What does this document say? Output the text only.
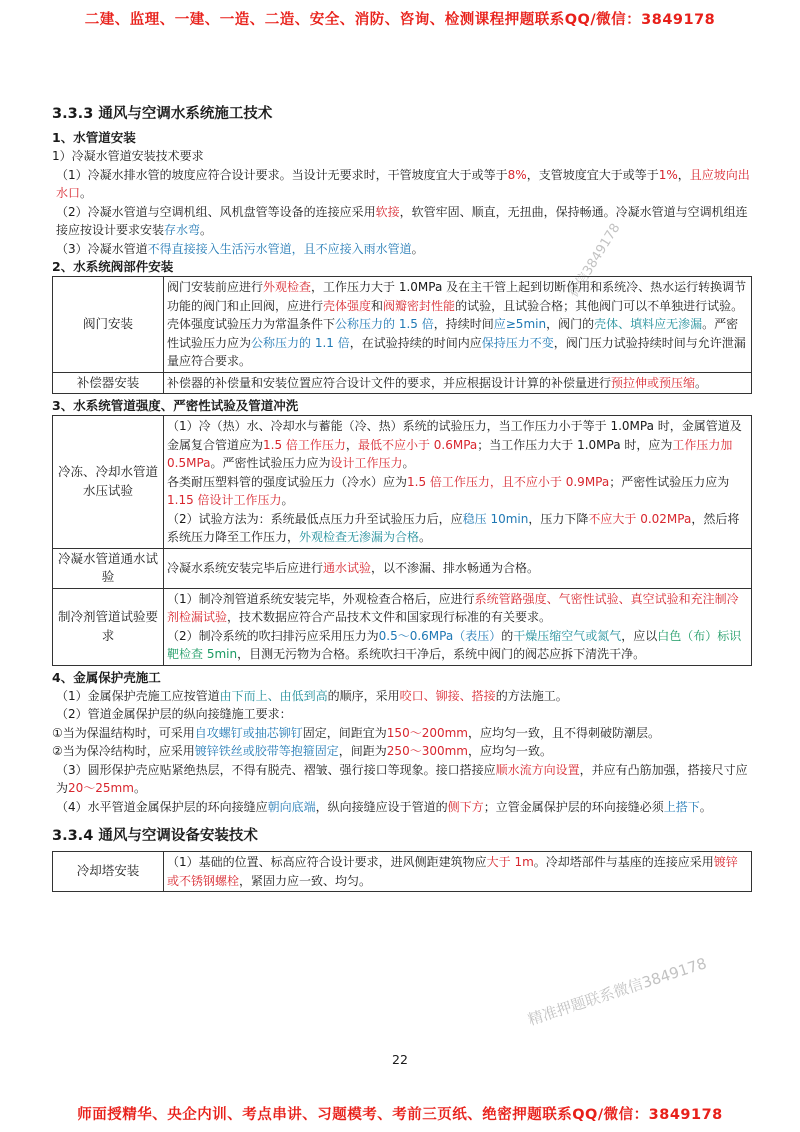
二建、监理、一建、一造、二造、安全、消防、咨询、检测课程押题联系QQ/微信：3849178
微信3849178
精准押题联系微信3849178
3.3.3 通风与空调水系统施工技术
1、水管道安装
1）冷凝水管道安装技术要求

（1）冷凝水排水管的坡度应符合设计要求。当设计无要求时，干管坡度宜大于或等于8%，支管坡度宜大于或等于1%，且应坡向出水口。

（2）冷凝水管道与空调机组、风机盘管等设备的连接应采用软接，软管牢固、顺直，无扭曲，保持畅通。冷凝水管道与空调机组连接应按设计要求安装存水弯。

（3）冷凝水管道不得直接接入生活污水管道，且不应接入雨水管道。

2、水系统阀部件安装
阀门安装	阀门安装前应进行外观检查，工作压力大于 1.0MPa 及在主干管上起到切断作用和系统冷、热水运行转换调节功能的阀门和止回阀，应进行壳体强度和阀瓣密封性能的试验，且试验合格；其他阀门可以不单独进行试验。
壳体强度试验压力为常温条件下公称压力的 1.5 倍，持续时间应≥5min，阀门的壳体、填料应无渗漏。严密性试验压力应为公称压力的 1.1 倍，在试验持续的时间内应保持压力不变，阀门压力试验持续时间与允许泄漏量应符合要求。
补偿器安装	补偿器的补偿量和安装位置应符合设计文件的要求，并应根据设计计算的补偿量进行预拉伸或预压缩。
3、水系统管道强度、严密性试验及管道冲洗
冷冻、冷却水管道水压试验	（1）冷（热）水、冷却水与蓄能（冷、热）系统的试验压力，当工作压力小于等于 1.0MPa 时，金属管道及金属复合管道应为1.5 倍工作压力，最低不应小于 0.6MPa；当工作压力大于 1.0MPa 时，应为工作压力加 0.5MPa。严密性试验压力应为设计工作压力。
各类耐压塑料管的强度试验压力（冷水）应为1.5 倍工作压力，且不应小于 0.9MPa；严密性试验压力应为1.15 倍设计工作压力。
（2）试验方法为：系统最低点压力升至试验压力后，应稳压 10min，压力下降不应大于 0.02MPa，然后将系统压力降至工作压力，外观检查无渗漏为合格。
冷凝水管道通水试验	冷凝水系统安装完毕后应进行通水试验，以不渗漏、排水畅通为合格。
制冷剂管道试验要求	（1）制冷剂管道系统安装完毕，外观检查合格后，应进行系统管路强度、气密性试验、真空试验和充注制冷剂检漏试验，技术数据应符合产品技术文件和国家现行标准的有关要求。
（2）制冷系统的吹扫排污应采用压力为0.5～0.6MPa（表压）的干燥压缩空气或氮气，应以白色（布）标识靶检查 5min，目测无污物为合格。系统吹扫干净后，系统中阀门的阀芯应拆下清洗干净。
4、金属保护壳施工

（1）金属保护壳施工应按管道由下而上、由低到高的顺序，采用咬口、铆接、搭接的方法施工。

（2）管道金属保护层的纵向接缝施工要求：

①当为保温结构时，可采用自攻螺钉或抽芯铆钉固定，间距宜为150～200mm，应均匀一致，且不得刺破防潮层。

②当为保冷结构时，应采用镀锌铁丝或胶带等抱箍固定，间距为250～300mm，应均匀一致。

（3）圆形保护壳应贴紧绝热层，不得有脱壳、褶皱、强行接口等现象。接口搭接应顺水流方向设置，并应有凸筋加强，搭接尺寸应为20～25mm。

（4）水平管道金属保护层的环向接缝应朝向底端，纵向接缝应设于管道的侧下方；立管金属保护层的环向接缝必须上搭下。

3.3.4 通风与空调设备安装技术
冷却塔安装	（1）基础的位置、标高应符合设计要求，进风侧距建筑物应大于 1m。冷却塔部件与基座的连接应采用镀锌或不锈钢螺栓，紧固力应一致、均匀。
22
师面授精华、央企内训、考点串讲、习题模考、考前三页纸、绝密押题联系QQ/微信：3849178
